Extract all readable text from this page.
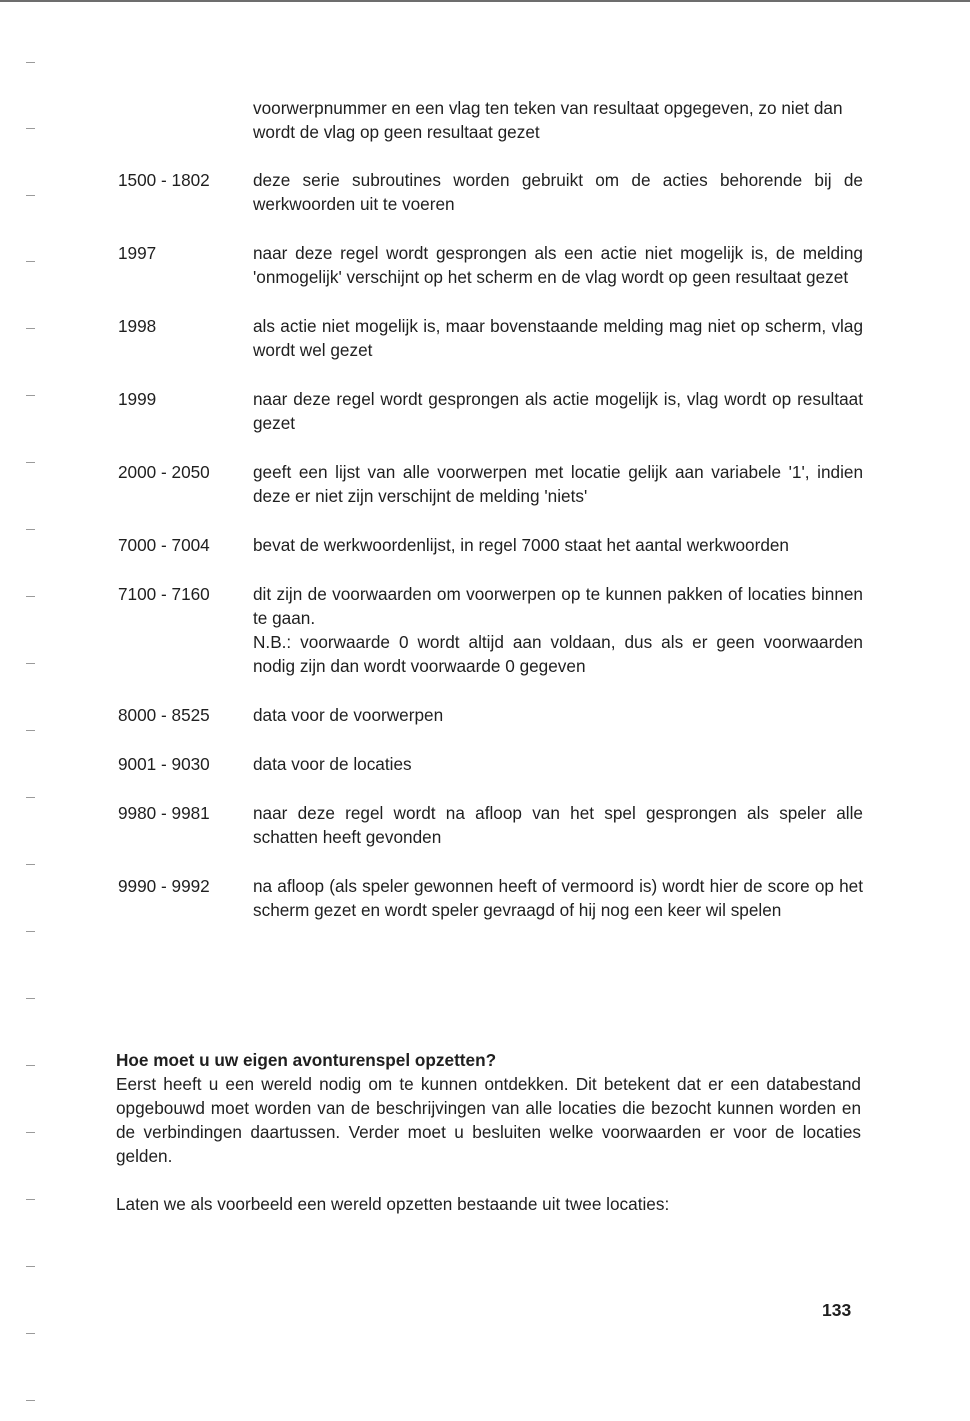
voorwerpnummer en een vlag ten teken van resultaat opgegeven, zo niet dan wordt de vlag op geen resultaat gezet

1500 - 1802	deze serie subroutines worden gebruikt om de acties behorende bij de werkwoorden uit te voeren
1997	naar deze regel wordt gesprongen als een actie niet mogelijk is, de melding 'onmogelijk' verschijnt op het scherm en de vlag wordt op geen resultaat gezet
1998	als actie niet mogelijk is, maar bovenstaande melding mag niet op scherm, vlag wordt wel gezet
1999	naar deze regel wordt gesprongen als actie mogelijk is, vlag wordt op resultaat gezet
2000 - 2050	geeft een lijst van alle voorwerpen met locatie gelijk aan variabele '1', indien deze er niet zijn verschijnt de melding 'niets'
7000 - 7004	bevat de werkwoordenlijst, in regel 7000 staat het aantal werkwoorden
7100 - 7160	dit zijn de voorwaarden om voorwerpen op te kunnen pakken of locaties binnen te gaan.
N.B.: voorwaarde 0 wordt altijd aan voldaan, dus als er geen voorwaarden nodig zijn dan wordt voorwaarde 0 gegeven
8000 - 8525	data voor de voorwerpen
9001 - 9030	data voor de locaties
9980 - 9981	naar deze regel wordt na afloop van het spel gesprongen als speler alle schatten heeft gevonden
9990 - 9992	na afloop (als speler gewonnen heeft of vermoord is) wordt hier de score op het scherm gezet en wordt speler gevraagd of hij nog een keer wil spelen
Hoe moet u uw eigen avonturenspel opzetten?

Eerst heeft u een wereld nodig om te kunnen ontdekken. Dit betekent dat er een databestand opgebouwd moet worden van de beschrijvingen van alle locaties die bezocht kunnen worden en de verbindingen daartussen. Verder moet u besluiten welke voorwaarden er voor de locaties gelden.

Laten we als voorbeeld een wereld opzetten bestaande uit twee locaties:

133
